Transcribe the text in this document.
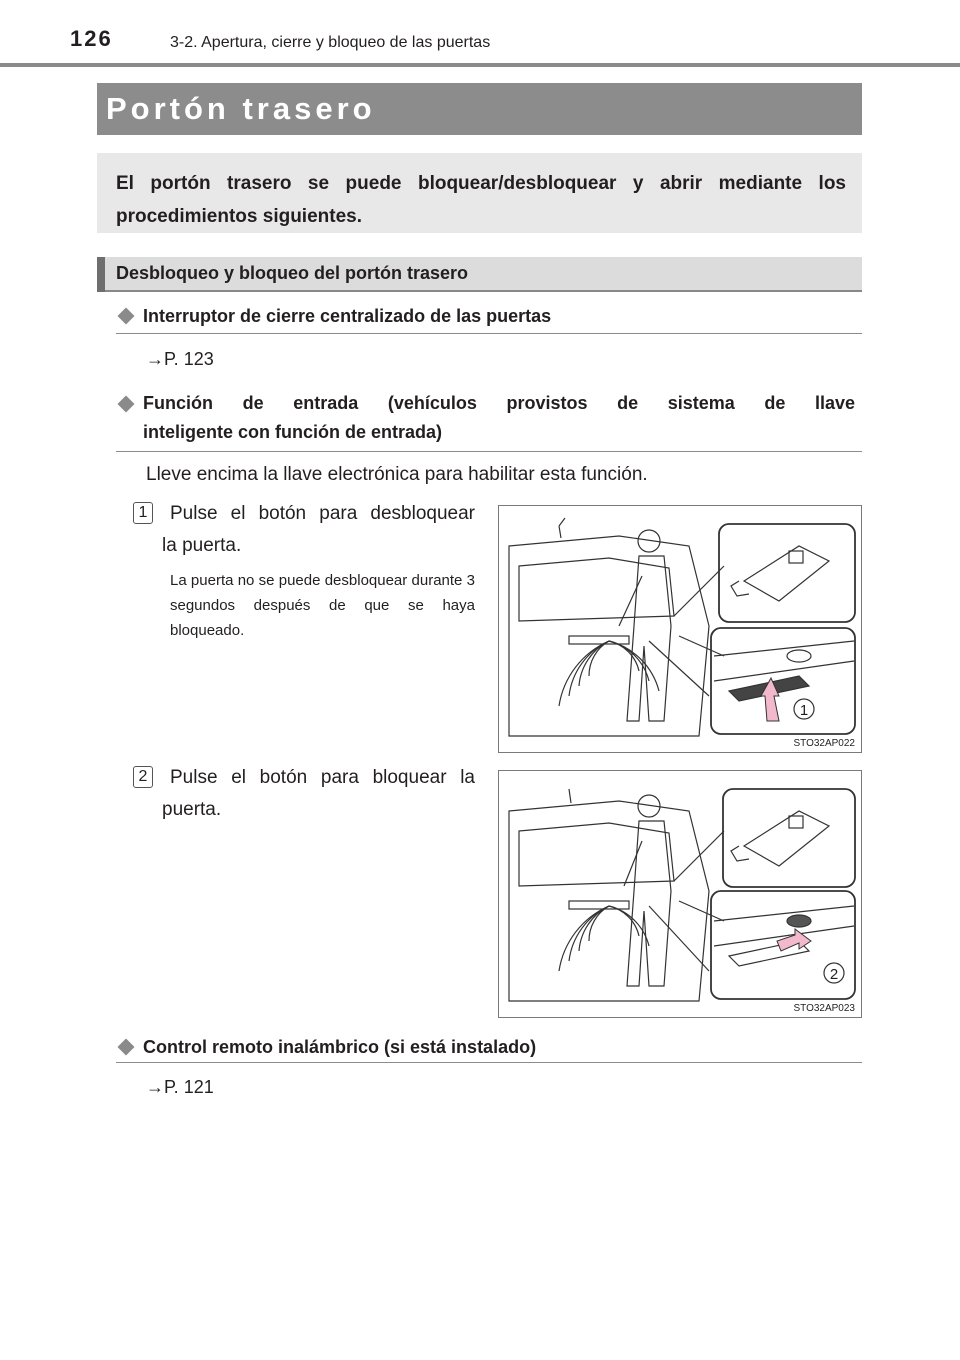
126	3-2. Apertura, cierre y bloqueo de las puertas
Portón trasero
El portón trasero se puede bloquear/desbloquear y abrir mediante los procedimientos siguientes.
Desbloqueo y bloqueo del portón trasero
Interruptor de cierre centralizado de las puertas
→P. 123
Función de entrada (vehículos provistos de sistema de llave
inteligente con función de entrada)
Lleve encima la llave electrónica para habilitar esta función.
1 Pulse el botón para desbloquear
la puerta.
La puerta no se puede desbloquear durante 3 segundos después de que se haya bloqueado.
1
STO32AP022
2 Pulse el botón para bloquear la
puerta.
2
STO32AP023
Control remoto inalámbrico (si está instalado)
→P. 121
